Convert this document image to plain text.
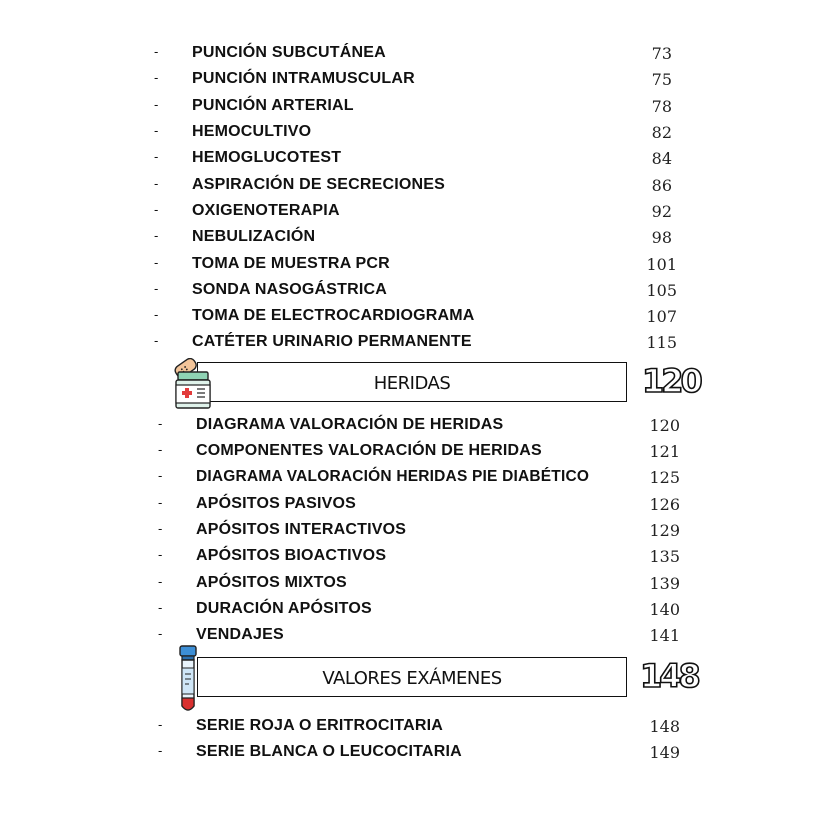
- PUNCIÓN SUBCUTÁNEA	73
- PUNCIÓN INTRAMUSCULAR	75
- PUNCIÓN ARTERIAL	78
- HEMOCULTIVO	82
- HEMOGLUCOTEST	84
- ASPIRACIÓN DE SECRECIONES	86
- OXIGENOTERAPIA	92
- NEBULIZACIÓN	98
- TOMA DE MUESTRA PCR	101
- SONDA NASOGÁSTRICA	105
- TOMA DE ELECTROCARDIOGRAMA	107
- CATÉTER URINARIO PERMANENTE	115
HERIDAS	120
- DIAGRAMA VALORACIÓN DE HERIDAS	120
- COMPONENTES VALORACIÓN DE HERIDAS	121
- DIAGRAMA VALORACIÓN HERIDAS PIE DIABÉTICO	125
- APÓSITOS PASIVOS	126
- APÓSITOS INTERACTIVOS	129
- APÓSITOS BIOACTIVOS	135
- APÓSITOS MIXTOS	139
- DURACIÓN APÓSITOS	140
- VENDAJES	141
VALORES EXÁMENES	148
- SERIE ROJA O ERITROCITARIA	148
- SERIE BLANCA O LEUCOCITARIA	149
